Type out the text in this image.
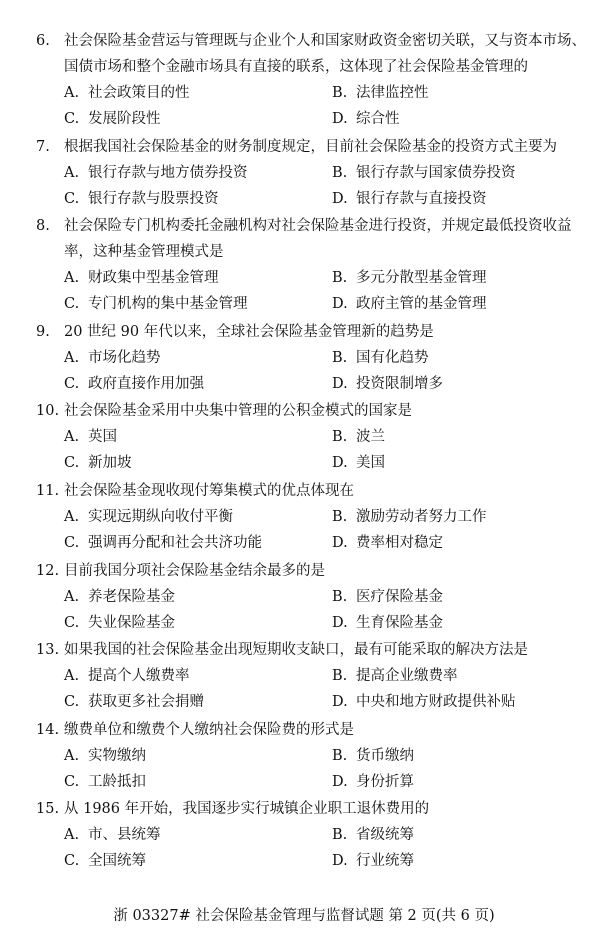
6. 社会保险基金营运与管理既与企业个人和国家财政资金密切关联，又与资本市场、国债市场和整个金融市场具有直接的联系，这体现了社会保险基金管理的
A. 社会政策目的性	B. 法律监控性
C. 发展阶段性	D. 综合性
7. 根据我国社会保险基金的财务制度规定，目前社会保险基金的投资方式主要为
A. 银行存款与地方债券投资	B. 银行存款与国家债券投资
C. 银行存款与股票投资	D. 银行存款与直接投资
8. 社会保险专门机构委托金融机构对社会保险基金进行投资，并规定最低投资收益率，这种基金管理模式是
A. 财政集中型基金管理	B. 多元分散型基金管理
C. 专门机构的集中基金管理	D. 政府主管的基金管理
9. 20 世纪 90 年代以来，全球社会保险基金管理新的趋势是
A. 市场化趋势	B. 国有化趋势
C. 政府直接作用加强	D. 投资限制增多
10. 社会保险基金采用中央集中管理的公积金模式的国家是
A. 英国	B. 波兰
C. 新加坡	D. 美国
11. 社会保险基金现收现付筹集模式的优点体现在
A. 实现远期纵向收付平衡	B. 激励劳动者努力工作
C. 强调再分配和社会共济功能	D. 费率相对稳定
12. 目前我国分项社会保险基金结余最多的是
A. 养老保险基金	B. 医疗保险基金
C. 失业保险基金	D. 生育保险基金
13. 如果我国的社会保险基金出现短期收支缺口，最有可能采取的解决方法是
A. 提高个人缴费率	B. 提高企业缴费率
C. 获取更多社会捐赠	D. 中央和地方财政提供补贴
14. 缴费单位和缴费个人缴纳社会保险费的形式是
A. 实物缴纳	B. 货币缴纳
C. 工龄抵扣	D. 身份折算
15. 从 1986 年开始，我国逐步实行城镇企业职工退休费用的
A. 市、县统筹	B. 省级统筹
C. 全国统筹	D. 行业统筹
浙 03327# 社会保险基金管理与监督试题 第 2 页(共 6 页)
